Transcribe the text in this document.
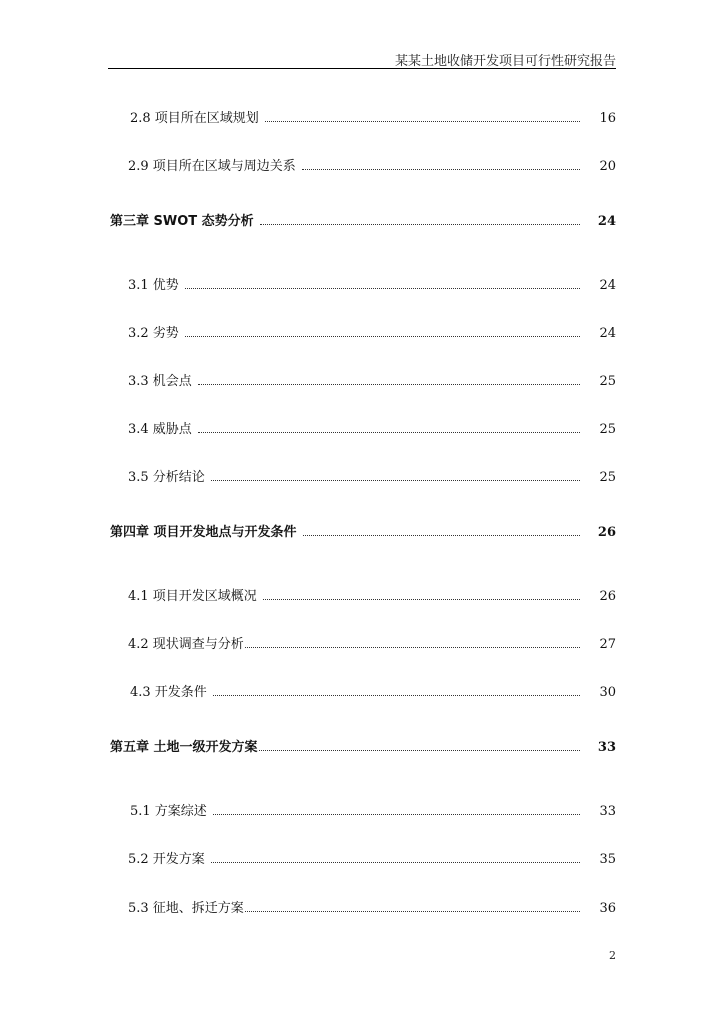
某某土地收储开发项目可行性研究报告
2.8 项目所在区域规划	16
2.9 项目所在区域与周边关系	20
第三章 SWOT 态势分析	24
3.1 优势	24
3.2 劣势	24
3.3 机会点	25
3.4 威胁点	25
3.5 分析结论	25
第四章 项目开发地点与开发条件	26
4.1 项目开发区域概况	26
4.2 现状调查与分析	27
4.3 开发条件	30
第五章 土地一级开发方案	33
5.1 方案综述	33
5.2 开发方案	35
5.3 征地、拆迁方案	36
2
